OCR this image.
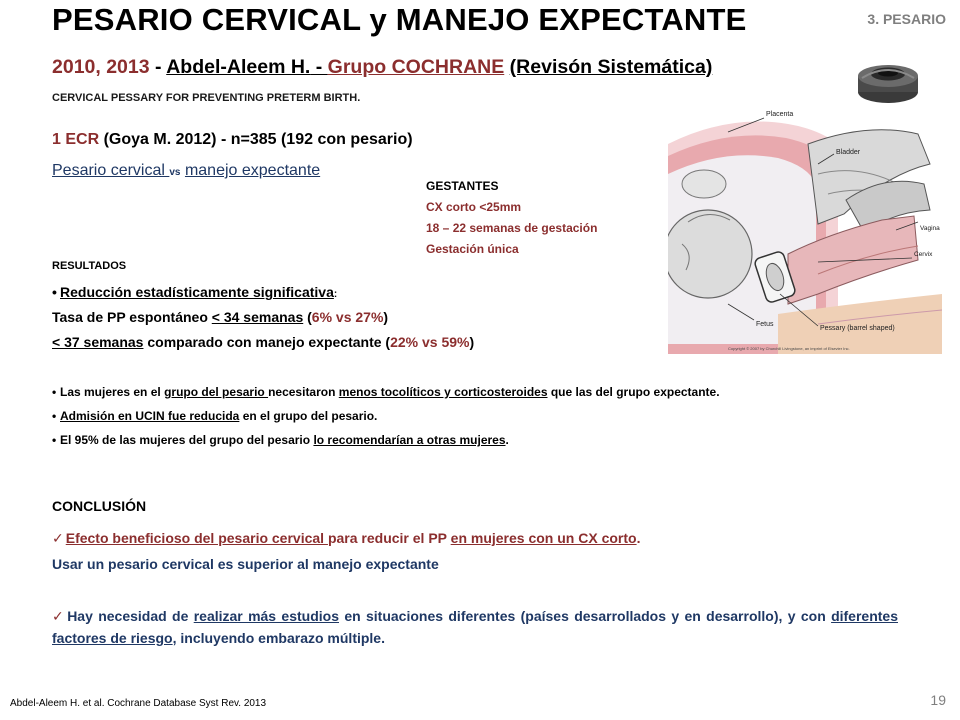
PESARIO CERVICAL y MANEJO EXPECTANTE	3. PESARIO
2010, 2013 - Abdel-Aleem H. - Grupo COCHRANE (Revisón Sistemática)
CERVICAL PESSARY FOR PREVENTING PRETERM BIRTH.
1 ECR (Goya M. 2012) - n=385 (192 con pesario)
Pesario cervical vs manejo expectante
GESTANTES
CX corto <25mm
18 – 22 semanas de gestación
Gestación única
Placenta
Bladder
Vagina
Cervix
Fetus
Pessary (barrel shaped)
Copyright © 2007 by Churchill Livingstone, an imprint of Elsevier Inc.
RESULTADOS
• Reducción estadísticamente significativa:
Tasa de PP espontáneo < 34 semanas (6% vs 27%)
< 37 semanas comparado con manejo expectante (22% vs 59%)
• Las mujeres en el grupo del pesario necesitaron menos tocolíticos y corticosteroides que las del grupo expectante.
• Admisión en UCIN fue reducida en el grupo del pesario.
• El 95% de las mujeres del grupo del pesario lo recomendarían a otras mujeres.
CONCLUSIÓN
✓ Efecto beneficioso del pesario cervical para reducir el PP en mujeres con un CX corto.
Usar un pesario cervical es superior al manejo expectante
✓ Hay necesidad de realizar más estudios en situaciones diferentes (países desarrollados y en desarrollo), y con diferentes factores de riesgo, incluyendo embarazo múltiple.
Abdel-Aleem H. et al. Cochrane Database Syst Rev. 2013	19
